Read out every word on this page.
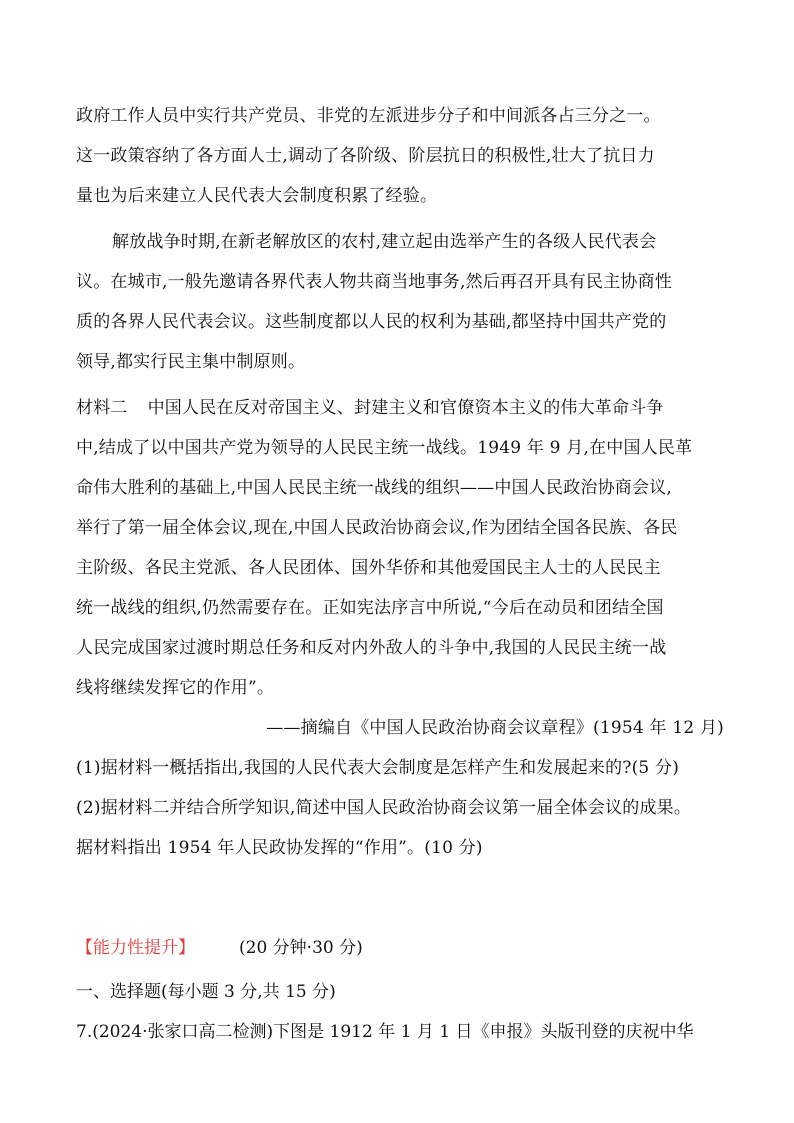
政府工作人员中实行共产党员、非党的左派进步分子和中间派各占三分之一。
这一政策容纳了各方面人士,调动了各阶级、阶层抗日的积极性,壮大了抗日力
量也为后来建立人民代表大会制度积累了经验。
解放战争时期,在新老解放区的农村,建立起由选举产生的各级人民代表会
议。在城市,一般先邀请各界代表人物共商当地事务,然后再召开具有民主协商性
质的各界人民代表会议。这些制度都以人民的权利为基础,都坚持中国共产党的
领导,都实行民主集中制原则。
材料二 中国人民在反对帝国主义、封建主义和官僚资本主义的伟大革命斗争
中,结成了以中国共产党为领导的人民民主统一战线。1949 年 9 月,在中国人民革
命伟大胜利的基础上,中国人民民主统一战线的组织——中国人民政治协商会议,
举行了第一届全体会议,现在,中国人民政治协商会议,作为团结全国各民族、各民
主阶级、各民主党派、各人民团体、国外华侨和其他爱国民主人士的人民民主
统一战线的组织,仍然需要存在。正如宪法序言中所说,“今后在动员和团结全国
人民完成国家过渡时期总任务和反对内外敌人的斗争中,我国的人民民主统一战
线将继续发挥它的作用”。
——摘编自《中国人民政治协商会议章程》(1954 年 12 月)
(1)据材料一概括指出,我国的人民代表大会制度是怎样产生和发展起来的?(5 分)
(2)据材料二并结合所学知识,简述中国人民政治协商会议第一届全体会议的成果。
据材料指出 1954 年人民政协发挥的“作用”。(10 分)
【能力性提升】	(20 分钟·30 分)
一、选择题(每小题 3 分,共 15 分)
7.(2024·张家口高二检测)下图是 1912 年 1 月 1 日《申报》头版刊登的庆祝中华
